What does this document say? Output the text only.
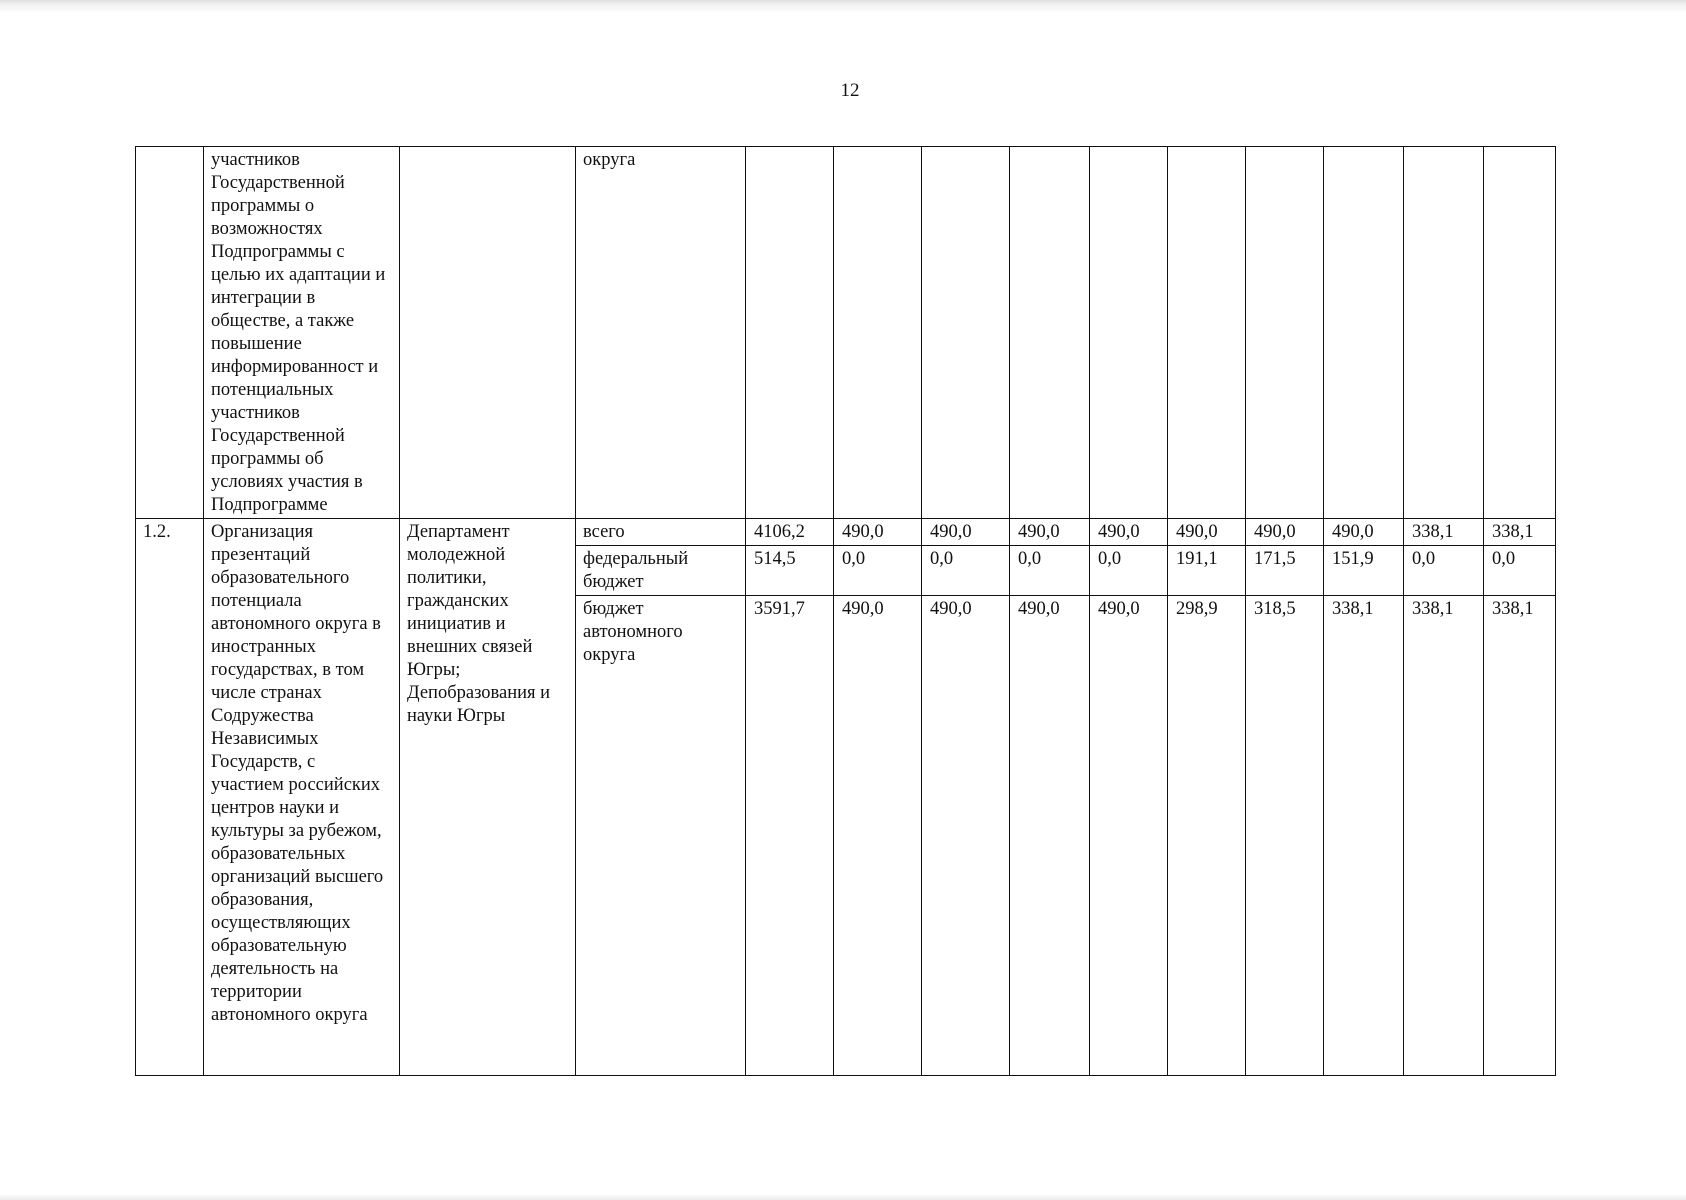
12
	участников Государственной программы о возможностях Подпрограммы с целью их адаптации и интеграции в обществе, а также повышение информированност и потенциальных участников Государственной программы об условиях участия в Подпрограмме		округа										
1.2.	Организация презентаций образовательного потенциала автономного округа в иностранных государствах, в том числе странах Содружества Независимых Государств, с участием российских центров науки и культуры за рубежом, образовательных организаций высшего образования, осуществляющих образовательную деятельность на территории автономного округа	Департамент молодежной политики, гражданских инициатив и внешних связей Югры; Депобразования и науки Югры	всего	4106,2	490,0	490,0	490,0	490,0	490,0	490,0	490,0	338,1	338,1
			федеральный бюджет	514,5	0,0	0,0	0,0	0,0	191,1	171,5	151,9	0,0	0,0
			бюджет автономного округа	3591,7	490,0	490,0	490,0	490,0	298,9	318,5	338,1	338,1	338,1
